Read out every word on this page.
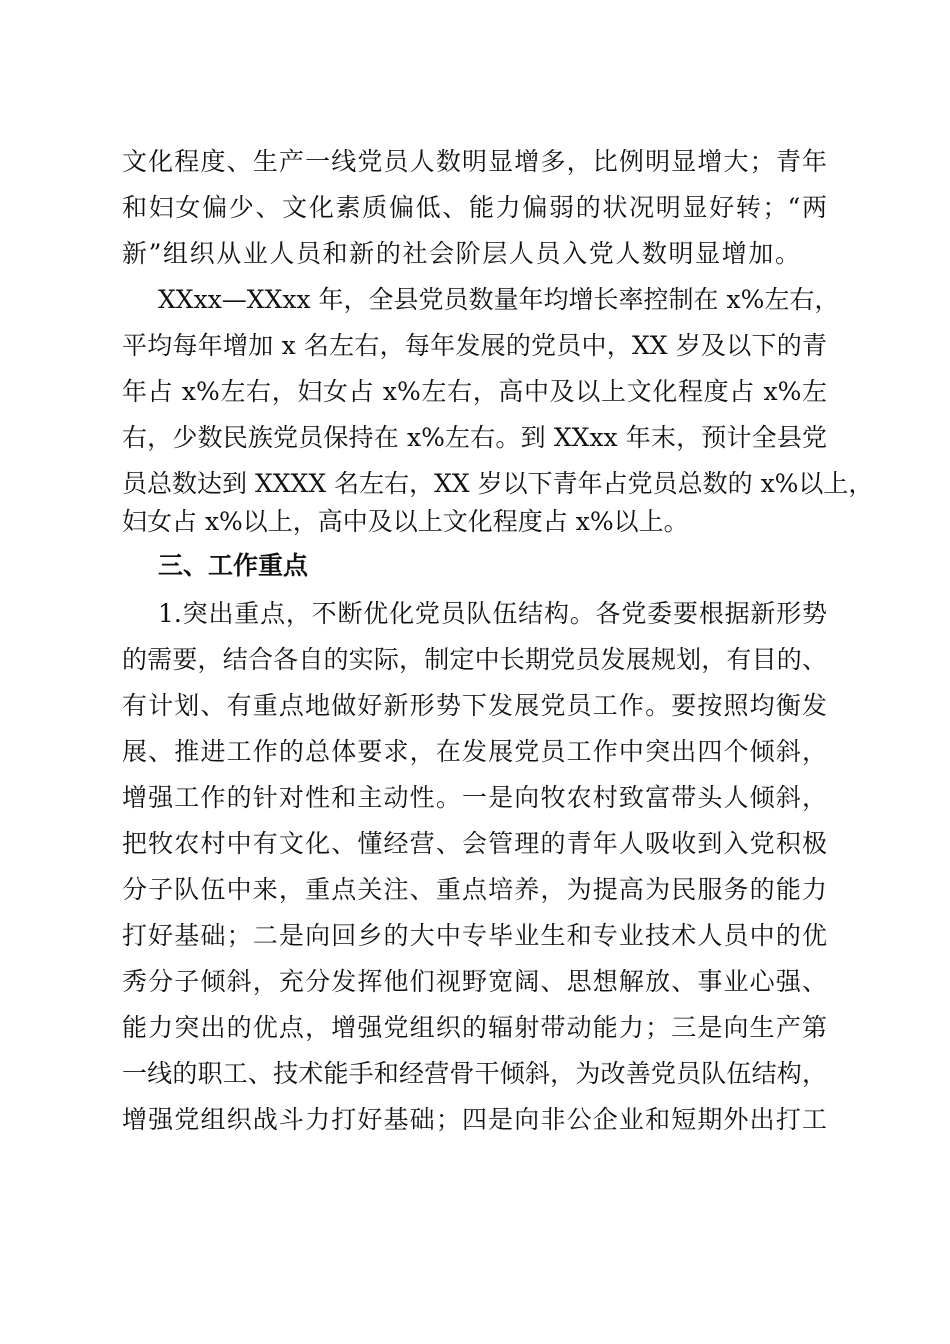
文化程度、生产一线党员人数明显增多，比例明显增大；青年
和妇女偏少、文化素质偏低、能力偏弱的状况明显好转；“两
新”组织从业人员和新的社会阶层人员入党人数明显增加。
XXxx—XXxx 年，全县党员数量年均增长率控制在 x%左右，
平均每年增加 x 名左右，每年发展的党员中，XX 岁及以下的青
年占 x%左右，妇女占 x%左右，高中及以上文化程度占 x%左
右，少数民族党员保持在 x%左右。到 XXxx 年末，预计全县党
员总数达到 XXXX 名左右，XX 岁以下青年占党员总数的 x%以上，
妇女占 x%以上，高中及以上文化程度占 x%以上。
三、工作重点
1.突出重点，不断优化党员队伍结构。各党委要根据新形势
的需要，结合各自的实际，制定中长期党员发展规划，有目的、
有计划、有重点地做好新形势下发展党员工作。要按照均衡发
展、推进工作的总体要求，在发展党员工作中突出四个倾斜，
增强工作的针对性和主动性。一是向牧农村致富带头人倾斜，
把牧农村中有文化、懂经营、会管理的青年人吸收到入党积极
分子队伍中来，重点关注、重点培养，为提高为民服务的能力
打好基础；二是向回乡的大中专毕业生和专业技术人员中的优
秀分子倾斜，充分发挥他们视野宽阔、思想解放、事业心强、
能力突出的优点，增强党组织的辐射带动能力；三是向生产第
一线的职工、技术能手和经营骨干倾斜，为改善党员队伍结构，
增强党组织战斗力打好基础；四是向非公企业和短期外出打工
